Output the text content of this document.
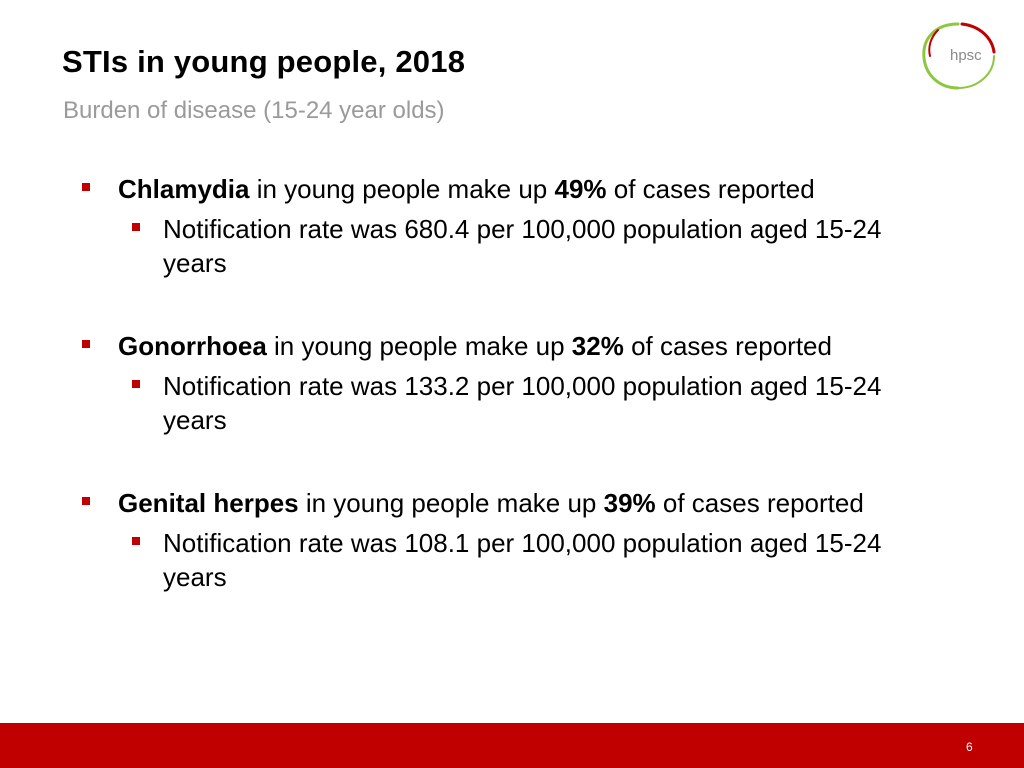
STIs in young people, 2018
Burden of disease (15-24 year olds)
hpsc
Chlamydia in young people make up 49% of cases reported
Notification rate was 680.4 per 100,000 population aged 15-24 years
Gonorrhoea in young people make up 32% of cases reported
Notification rate was 133.2 per 100,000 population aged 15-24 years
Genital herpes in young people make up 39% of cases reported
Notification rate was 108.1 per 100,000 population aged 15-24 years
6
